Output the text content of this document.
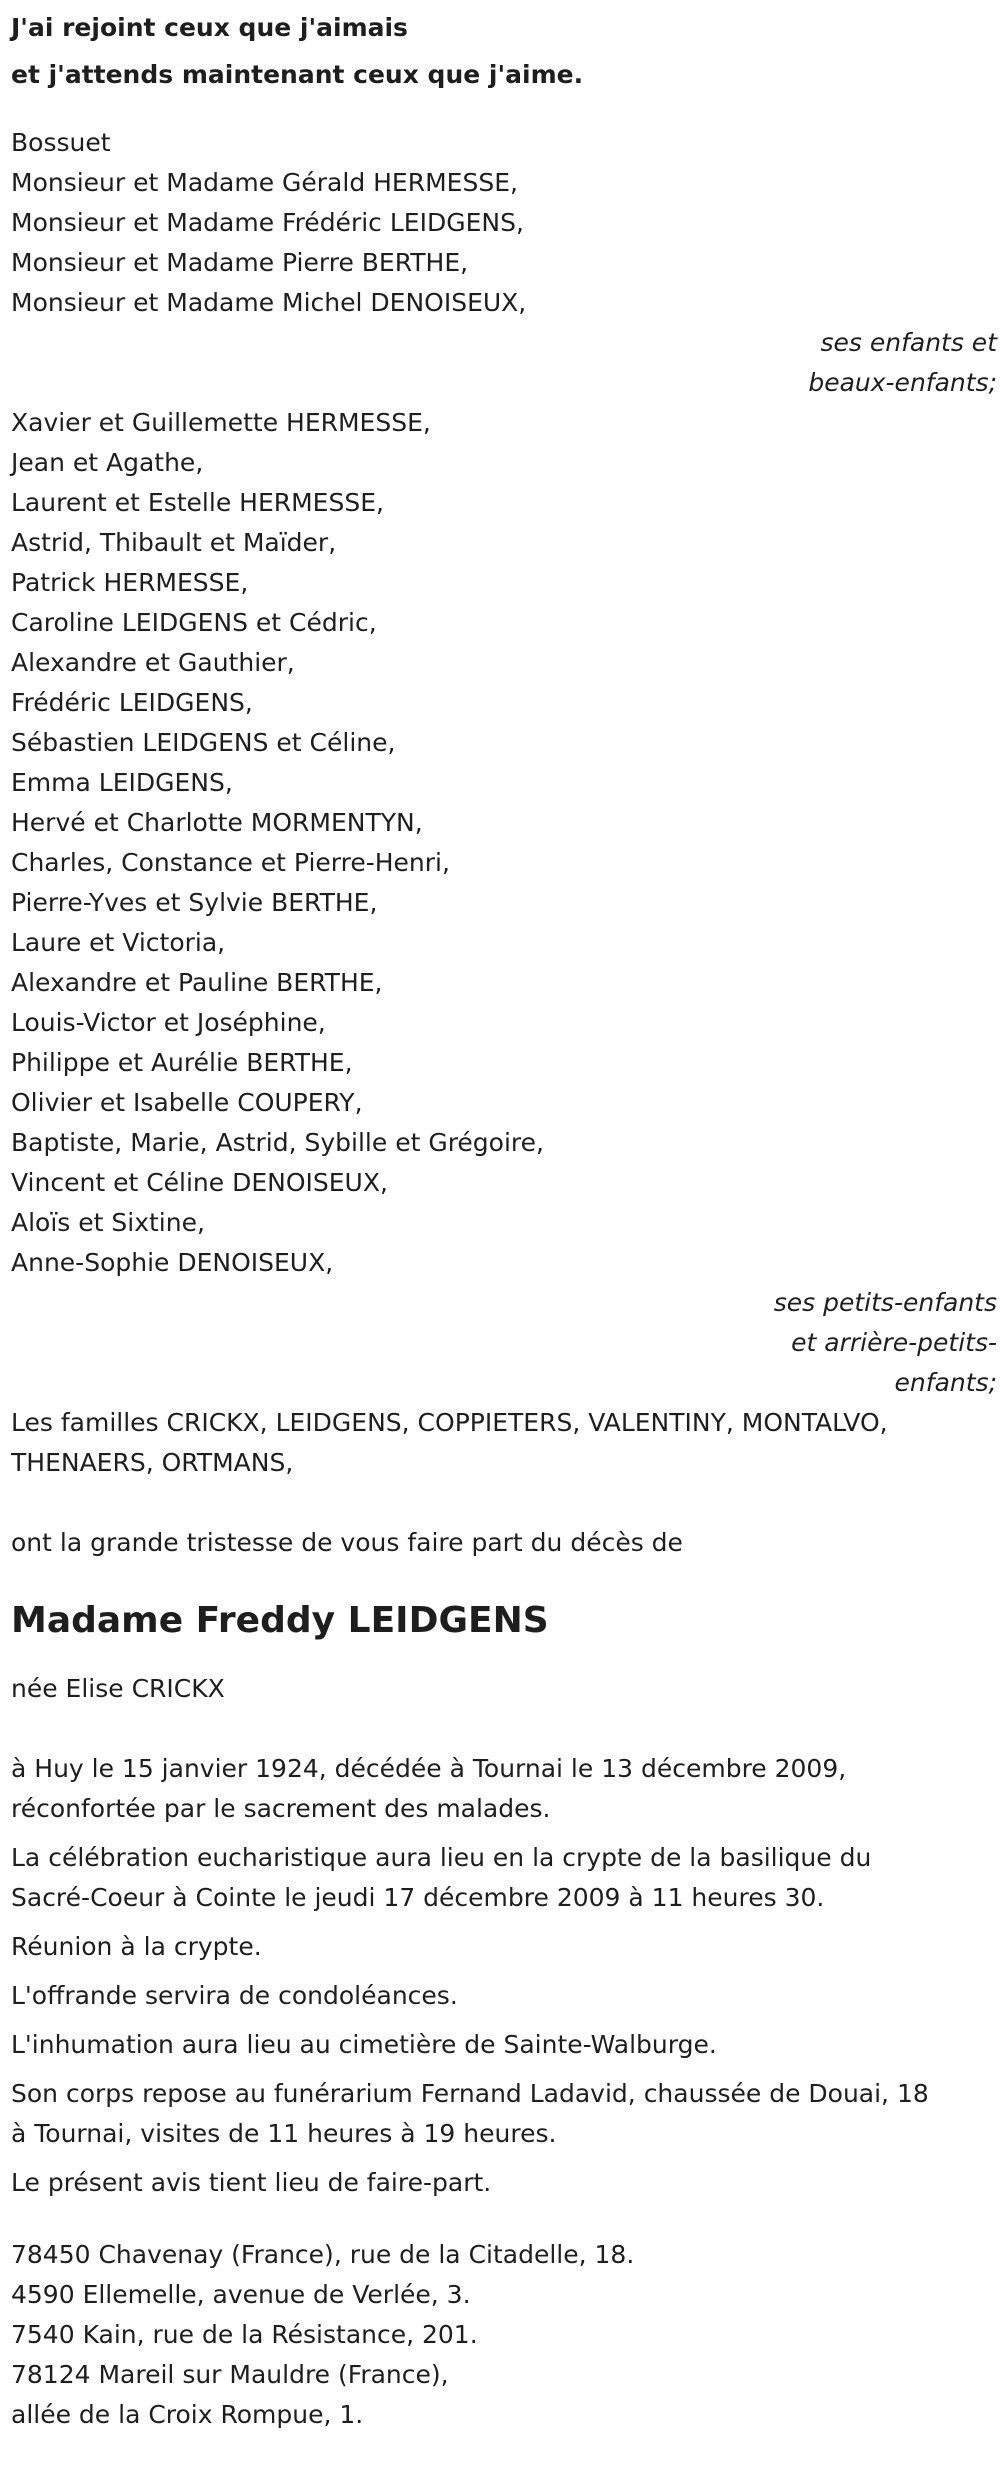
J'ai rejoint ceux que j'aimais
et j'attends maintenant ceux que j'aime.
Bossuet
Monsieur et Madame Gérald HERMESSE,
Monsieur et Madame Frédéric LEIDGENS,
Monsieur et Madame Pierre BERTHE,
Monsieur et Madame Michel DENOISEUX,
ses enfants et
beaux-enfants;
Xavier et Guillemette HERMESSE,
Jean et Agathe,
Laurent et Estelle HERMESSE,
Astrid, Thibault et Maïder,
Patrick HERMESSE,
Caroline LEIDGENS et Cédric,
Alexandre et Gauthier,
Frédéric LEIDGENS,
Sébastien LEIDGENS et Céline,
Emma LEIDGENS,
Hervé et Charlotte MORMENTYN,
Charles, Constance et Pierre-Henri,
Pierre-Yves et Sylvie BERTHE,
Laure et Victoria,
Alexandre et Pauline BERTHE,
Louis-Victor et Joséphine,
Philippe et Aurélie BERTHE,
Olivier et Isabelle COUPERY,
Baptiste, Marie, Astrid, Sybille et Grégoire,
Vincent et Céline DENOISEUX,
Aloïs et Sixtine,
Anne-Sophie DENOISEUX,
ses petits-enfants
et arrière-petits-
enfants;
Les familles CRICKX, LEIDGENS, COPPIETERS, VALENTINY, MONTALVO,
THENAERS, ORTMANS,
ont la grande tristesse de vous faire part du décès de
Madame Freddy LEIDGENS
née Elise CRICKX
à Huy le 15 janvier 1924, décédée à Tournai le 13 décembre 2009,
réconfortée par le sacrement des malades.
La célébration eucharistique aura lieu en la crypte de la basilique du
Sacré-Coeur à Cointe le jeudi 17 décembre 2009 à 11 heures 30.
Réunion à la crypte.
L'offrande servira de condoléances.
L'inhumation aura lieu au cimetière de Sainte-Walburge.
Son corps repose au funérarium Fernand Ladavid, chaussée de Douai, 18
à Tournai, visites de 11 heures à 19 heures.
Le présent avis tient lieu de faire-part.
78450 Chavenay (France), rue de la Citadelle, 18.
4590 Ellemelle, avenue de Verlée, 3.
7540 Kain, rue de la Résistance, 201.
78124 Mareil sur Mauldre (France),
allée de la Croix Rompue, 1.
